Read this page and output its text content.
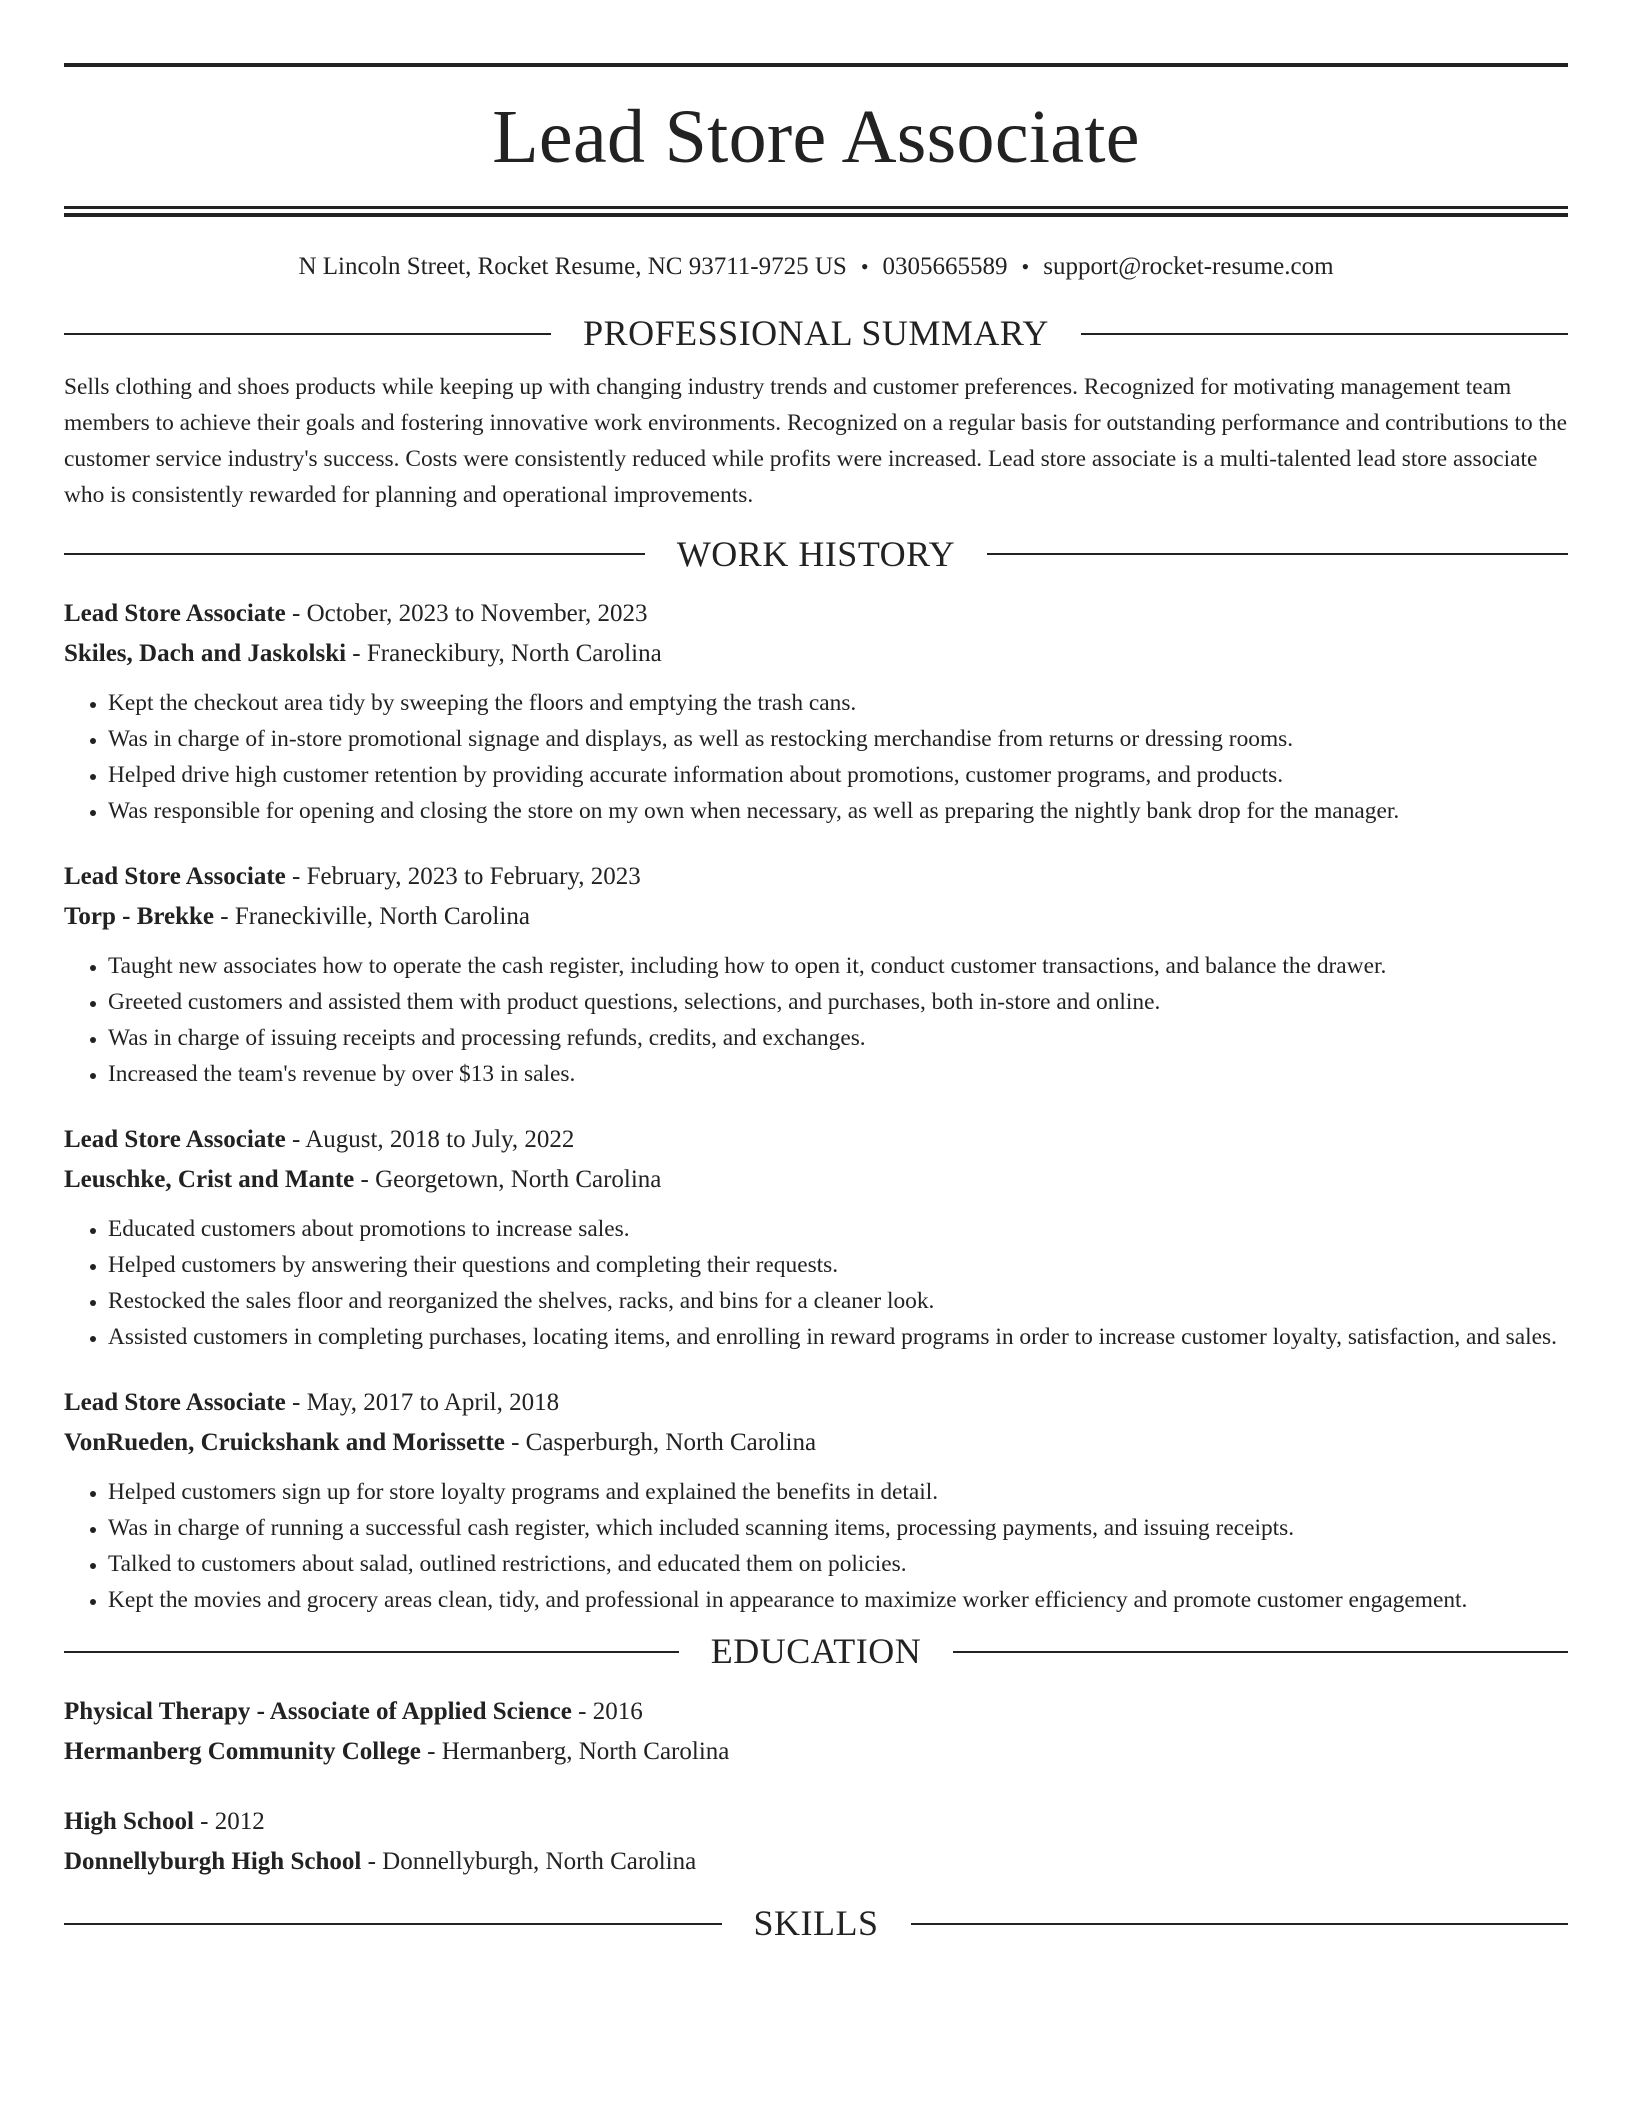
Lead Store Associate
N Lincoln Street, Rocket Resume, NC 93711-9725 US • 0305665589 • support@rocket-resume.com
PROFESSIONAL SUMMARY

Sells clothing and shoes products while keeping up with changing industry trends and customer preferences. Recognized for motivating management team members to achieve their goals and fostering innovative work environments. Recognized on a regular basis for outstanding performance and contributions to the customer service industry's success. Costs were consistently reduced while profits were increased. Lead store associate is a multi-talented lead store associate who is consistently rewarded for planning and operational improvements.

WORK HISTORY
Lead Store Associate - October, 2023 to November, 2023
Skiles, Dach and Jaskolski - Franeckibury, North Carolina
• Kept the checkout area tidy by sweeping the floors and emptying the trash cans.
• Was in charge of in-store promotional signage and displays, as well as restocking merchandise from returns or dressing rooms.
• Helped drive high customer retention by providing accurate information about promotions, customer programs, and products.
• Was responsible for opening and closing the store on my own when necessary, as well as preparing the nightly bank drop for the manager.
Lead Store Associate - February, 2023 to February, 2023
Torp - Brekke - Franeckiville, North Carolina
• Taught new associates how to operate the cash register, including how to open it, conduct customer transactions, and balance the drawer.
• Greeted customers and assisted them with product questions, selections, and purchases, both in-store and online.
• Was in charge of issuing receipts and processing refunds, credits, and exchanges.
• Increased the team's revenue by over $13 in sales.
Lead Store Associate - August, 2018 to July, 2022
Leuschke, Crist and Mante - Georgetown, North Carolina
• Educated customers about promotions to increase sales.
• Helped customers by answering their questions and completing their requests.
• Restocked the sales floor and reorganized the shelves, racks, and bins for a cleaner look.
• Assisted customers in completing purchases, locating items, and enrolling in reward programs in order to increase customer loyalty, satisfaction, and sales.
Lead Store Associate - May, 2017 to April, 2018
VonRueden, Cruickshank and Morissette - Casperburgh, North Carolina
• Helped customers sign up for store loyalty programs and explained the benefits in detail.
• Was in charge of running a successful cash register, which included scanning items, processing payments, and issuing receipts.
• Talked to customers about salad, outlined restrictions, and educated them on policies.
• Kept the movies and grocery areas clean, tidy, and professional in appearance to maximize worker efficiency and promote customer engagement.
EDUCATION
Physical Therapy - Associate of Applied Science - 2016
Hermanberg Community College - Hermanberg, North Carolina
High School - 2012
Donnellyburgh High School - Donnellyburgh, North Carolina
SKILLS
